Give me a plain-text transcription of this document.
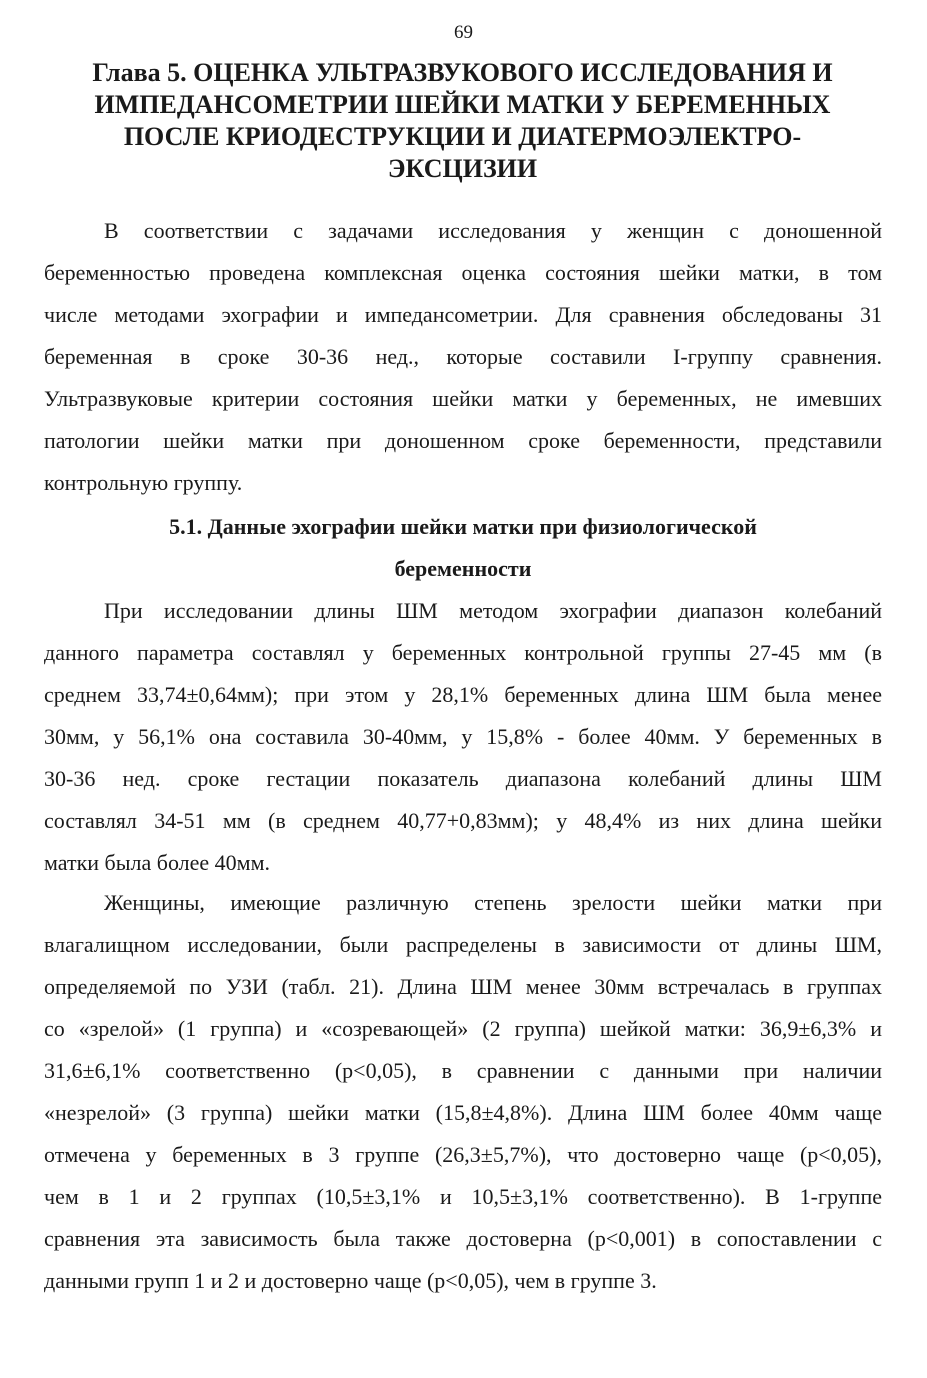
69
Глава 5. ОЦЕНКА УЛЬТРАЗВУКОВОГО ИССЛЕДОВАНИЯ И
ИМПЕДАНСОМЕТРИИ ШЕЙКИ МАТКИ У БЕРЕМЕННЫХ
ПОСЛЕ КРИОДЕСТРУКЦИИ И ДИАТЕРМОЭЛЕКТРО-
ЭКСЦИЗИИ

В соответствии с задачами исследования у женщин с доношенной
беременностью проведена комплексная оценка состояния шейки матки, в том
числе методами эхографии и импедансометрии. Для сравнения обследованы 31
беременная в сроке 30-36 нед., которые составили I-группу сравнения.
Ультразвуковые критерии состояния шейки матки у беременных, не имевших
патологии шейки матки при доношенном сроке беременности, представили
контрольную группу.

5.1. Данные эхографии шейки матки при физиологической
беременности

При исследовании длины ШМ методом эхографии диапазон колебаний
данного параметра составлял у беременных контрольной группы 27-45 мм (в
среднем 33,74±0,64мм); при этом у 28,1% беременных длина ШМ была менее
30мм, у 56,1% она составила 30-40мм, у 15,8% - более 40мм. У беременных в
30-36 нед. сроке гестации показатель диапазона колебаний длины ШМ
составлял 34-51 мм (в среднем 40,77+0,83мм); у 48,4% из них длина шейки
матки была более 40мм.

Женщины, имеющие различную степень зрелости шейки матки при
влагалищном исследовании, были распределены в зависимости от длины ШМ,
определяемой по УЗИ (табл. 21). Длина ШМ менее 30мм встречалась в группах
со «зрелой» (1 группа) и «созревающей» (2 группа) шейкой матки: 36,9±6,3% и
31,6±6,1% соответственно (p<0,05), в сравнении с данными при наличии
«незрелой» (3 группа) шейки матки (15,8±4,8%). Длина ШМ более 40мм чаще
отмечена у беременных в 3 группе (26,3±5,7%), что достоверно чаще (p<0,05),
чем в 1 и 2 группах (10,5±3,1% и 10,5±3,1% соответственно). В 1-группе
сравнения эта зависимость была также достоверна (p<0,001) в сопоставлении с
данными групп 1 и 2 и достоверно чаще (p<0,05), чем в группе 3.
